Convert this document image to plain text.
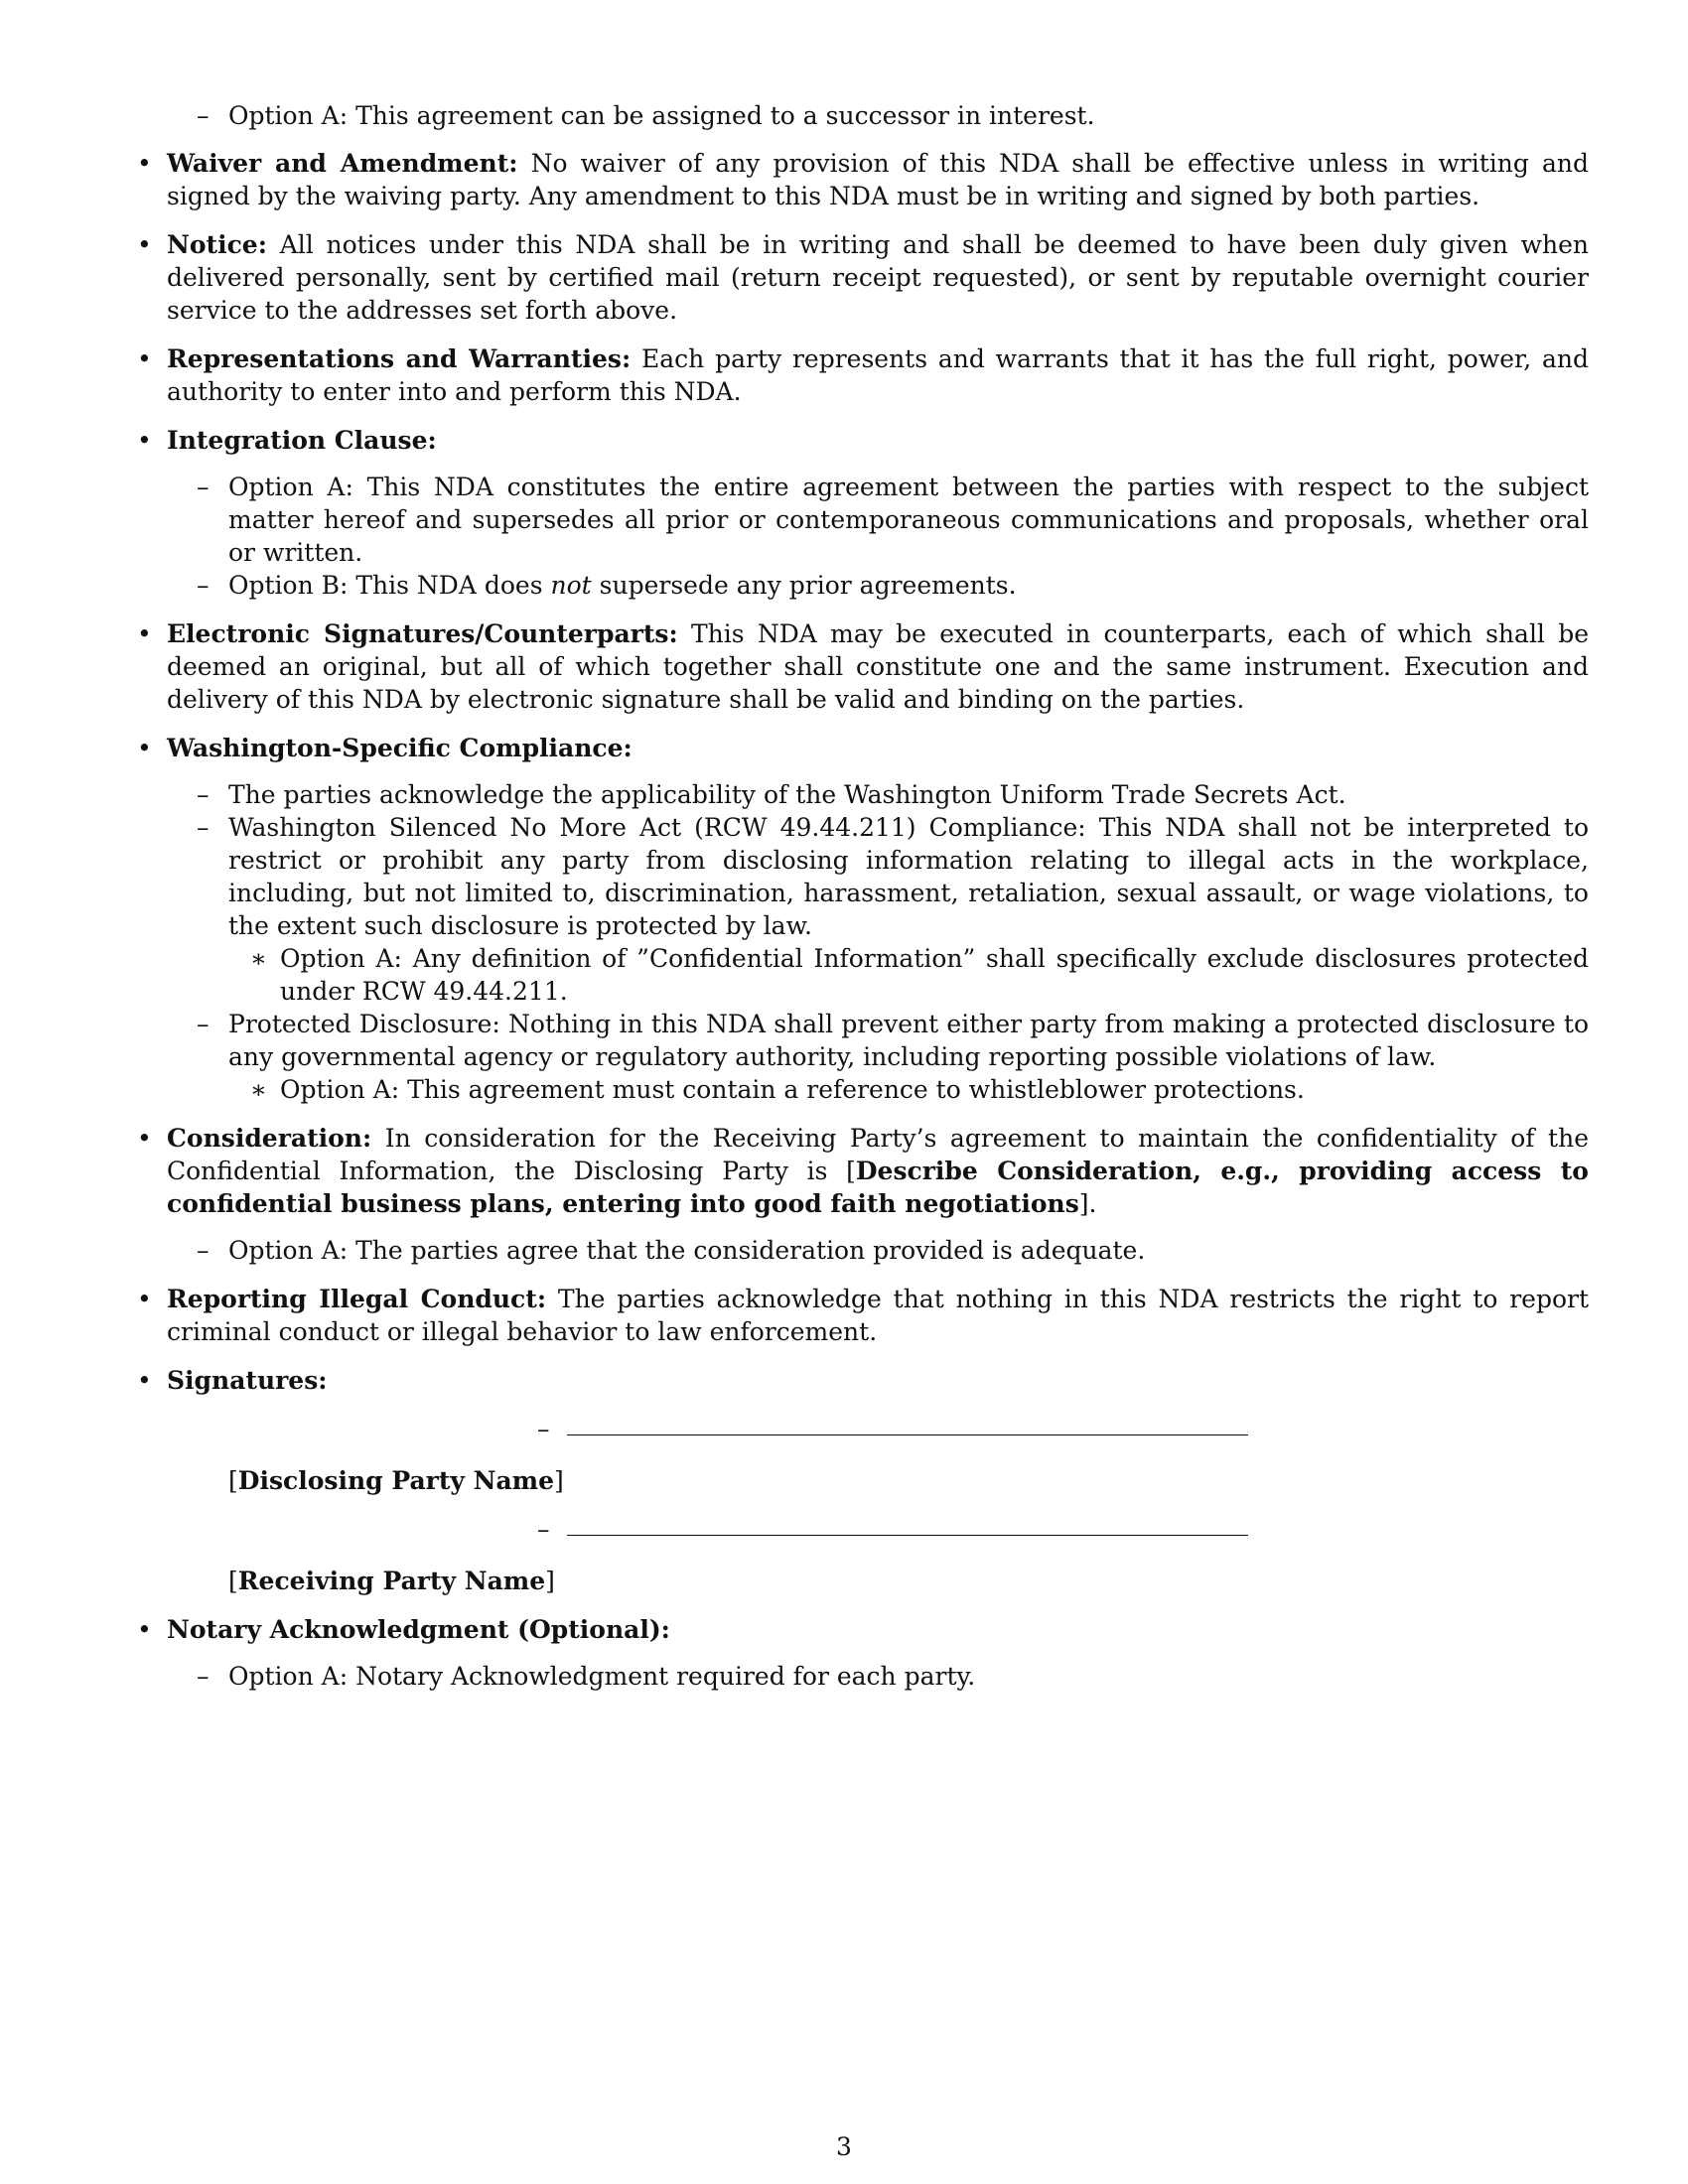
– Option A: This agreement can be assigned to a successor in interest.
• Waiver and Amendment: No waiver of any provision of this NDA shall be effective unless in writing and signed by the waiving party. Any amendment to this NDA must be in writing and signed by both parties.
• Notice: All notices under this NDA shall be in writing and shall be deemed to have been duly given when delivered personally, sent by certified mail (return receipt requested), or sent by reputable overnight courier service to the addresses set forth above.
• Representations and Warranties: Each party represents and warrants that it has the full right, power, and authority to enter into and perform this NDA.
• Integration Clause:
– Option A: This NDA constitutes the entire agreement between the parties with respect to the subject matter hereof and supersedes all prior or contemporaneous communications and proposals, whether oral or written.
– Option B: This NDA does not supersede any prior agreements.
• Electronic Signatures/Counterparts: This NDA may be executed in counterparts, each of which shall be deemed an original, but all of which together shall constitute one and the same instrument. Execution and delivery of this NDA by electronic signature shall be valid and binding on the parties.
• Washington-Specific Compliance:
– The parties acknowledge the applicability of the Washington Uniform Trade Secrets Act.
– Washington Silenced No More Act (RCW 49.44.211) Compliance: This NDA shall not be interpreted to restrict or prohibit any party from disclosing information relating to illegal acts in the workplace, including, but not limited to, discrimination, harassment, retaliation, sexual assault, or wage violations, to the extent such disclosure is protected by law.
∗ Option A: Any definition of ”Confidential Information” shall specifically exclude disclosures protected under RCW 49.44.211.
– Protected Disclosure: Nothing in this NDA shall prevent either party from making a protected disclosure to any governmental agency or regulatory authority, including reporting possible violations of law.
∗ Option A: This agreement must contain a reference to whistleblower protections.
• Consideration: In consideration for the Receiving Party’s agreement to maintain the confidentiality of the Confidential Information, the Disclosing Party is [Describe Consideration, e.g., providing access to confidential business plans, entering into good faith negotiations].
– Option A: The parties agree that the consideration provided is adequate.
• Reporting Illegal Conduct: The parties acknowledge that nothing in this NDA restricts the right to report criminal conduct or illegal behavior to law enforcement.
• Signatures:
–
[Disclosing Party Name]
–
[Receiving Party Name]
• Notary Acknowledgment (Optional):
– Option A: Notary Acknowledgment required for each party.
3
